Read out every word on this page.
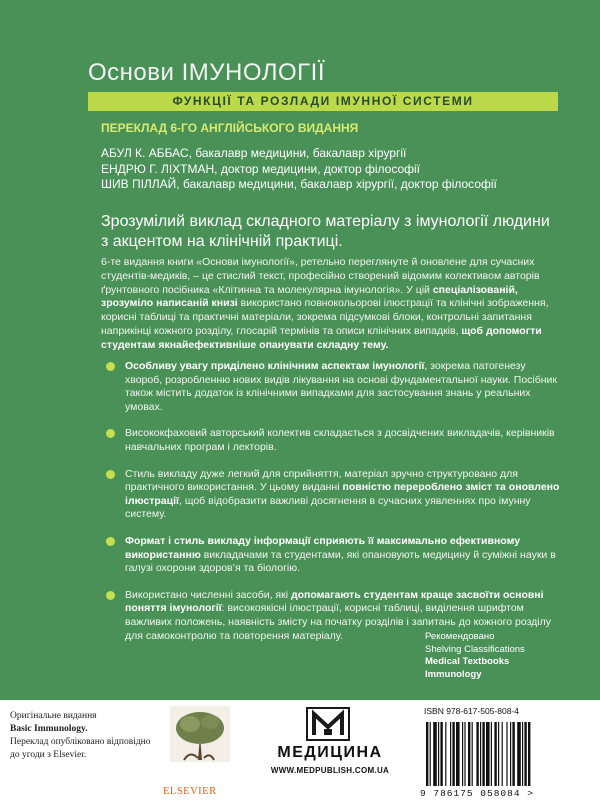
Основи ІМУНОЛОГІЇ
ФУНКЦІЇ ТА РОЗЛАДИ ІМУННОЇ СИСТЕМИ
ПЕРЕКЛАД 6-ГО АНГЛІЙСЬКОГО ВИДАННЯ
АБУЛ К. АББАС, бакалавр медицини, бакалавр хірургії
ЕНДРЮ Г. ЛІХТМАН, доктор медицини, доктор філософії
ШИВ ПІЛЛАЙ, бакалавр медицини, бакалавр хірургії, доктор філософії
Зрозумілий виклад складного матеріалу з імунології людини з акцентом на клінічній практиці.
6-те видання книги «Основи імунології», ретельно переглянуте й оновлене для сучасних студентів-медиків, – це стислий текст, професійно створений відомим колективом авторів ґрунтовного посібника «Клітинна та молекулярна імунологія». У цій спеціалізованій, зрозуміло написаній книзі використано повнокольорові ілюстрації та клінічні зображення, корисні таблиці та практичні матеріали, зокрема підсумкові блоки, контрольні запитання наприкінці кожного розділу, глосарій термінів та описи клінічних випадків, щоб допомогти студентам якнайефективніше опанувати складну тему.
Особливу увагу приділено клінічним аспектам імунології, зокрема патогенезу хвороб, розробленню нових видів лікування на основі фундаментальної науки. Посібник також містить додаток із клінічними випадками для застосування знань у реальних умовах.
Висококфаховий авторський колектив складається з досвідчених викладачів, керівників навчальних програм і лекторів.
Стиль викладу дуже легкий для сприйняття, матеріал зручно структуровано для практичного використання. У цьому виданні повністю перероблено зміст та оновлено ілюстрації, щоб відобразити важливі досягнення в сучасних уявленнях про імунну систему.
Формат і стиль викладу інформації сприяють її максимально ефективному використанню викладачами та студентами, які опановують медицину й суміжні науки в галузі охорони здоров’я та біологію.
Використано численні засоби, які допомагають студентам краще засвоїти основні поняття імунології: високоякісні ілюстрації, корисні таблиці, виділення шрифтом важливих положень, наявність змісту на початку розділів і запитань до кожного розділу для самоконтролю та повторення матеріалу.	Рекомендовано
Shelving Classifications
Medical Textbooks
Immunology
Оригінальне видання
Basic Immunology.
Переклад опубліковано відповідно до угоди з Elsevier.
ELSEVIER
МЕДИЦИНА
WWW.MEDPUBLISH.COM.UA
ISBN 978-617-505-808-4
9 786175 058084 >
